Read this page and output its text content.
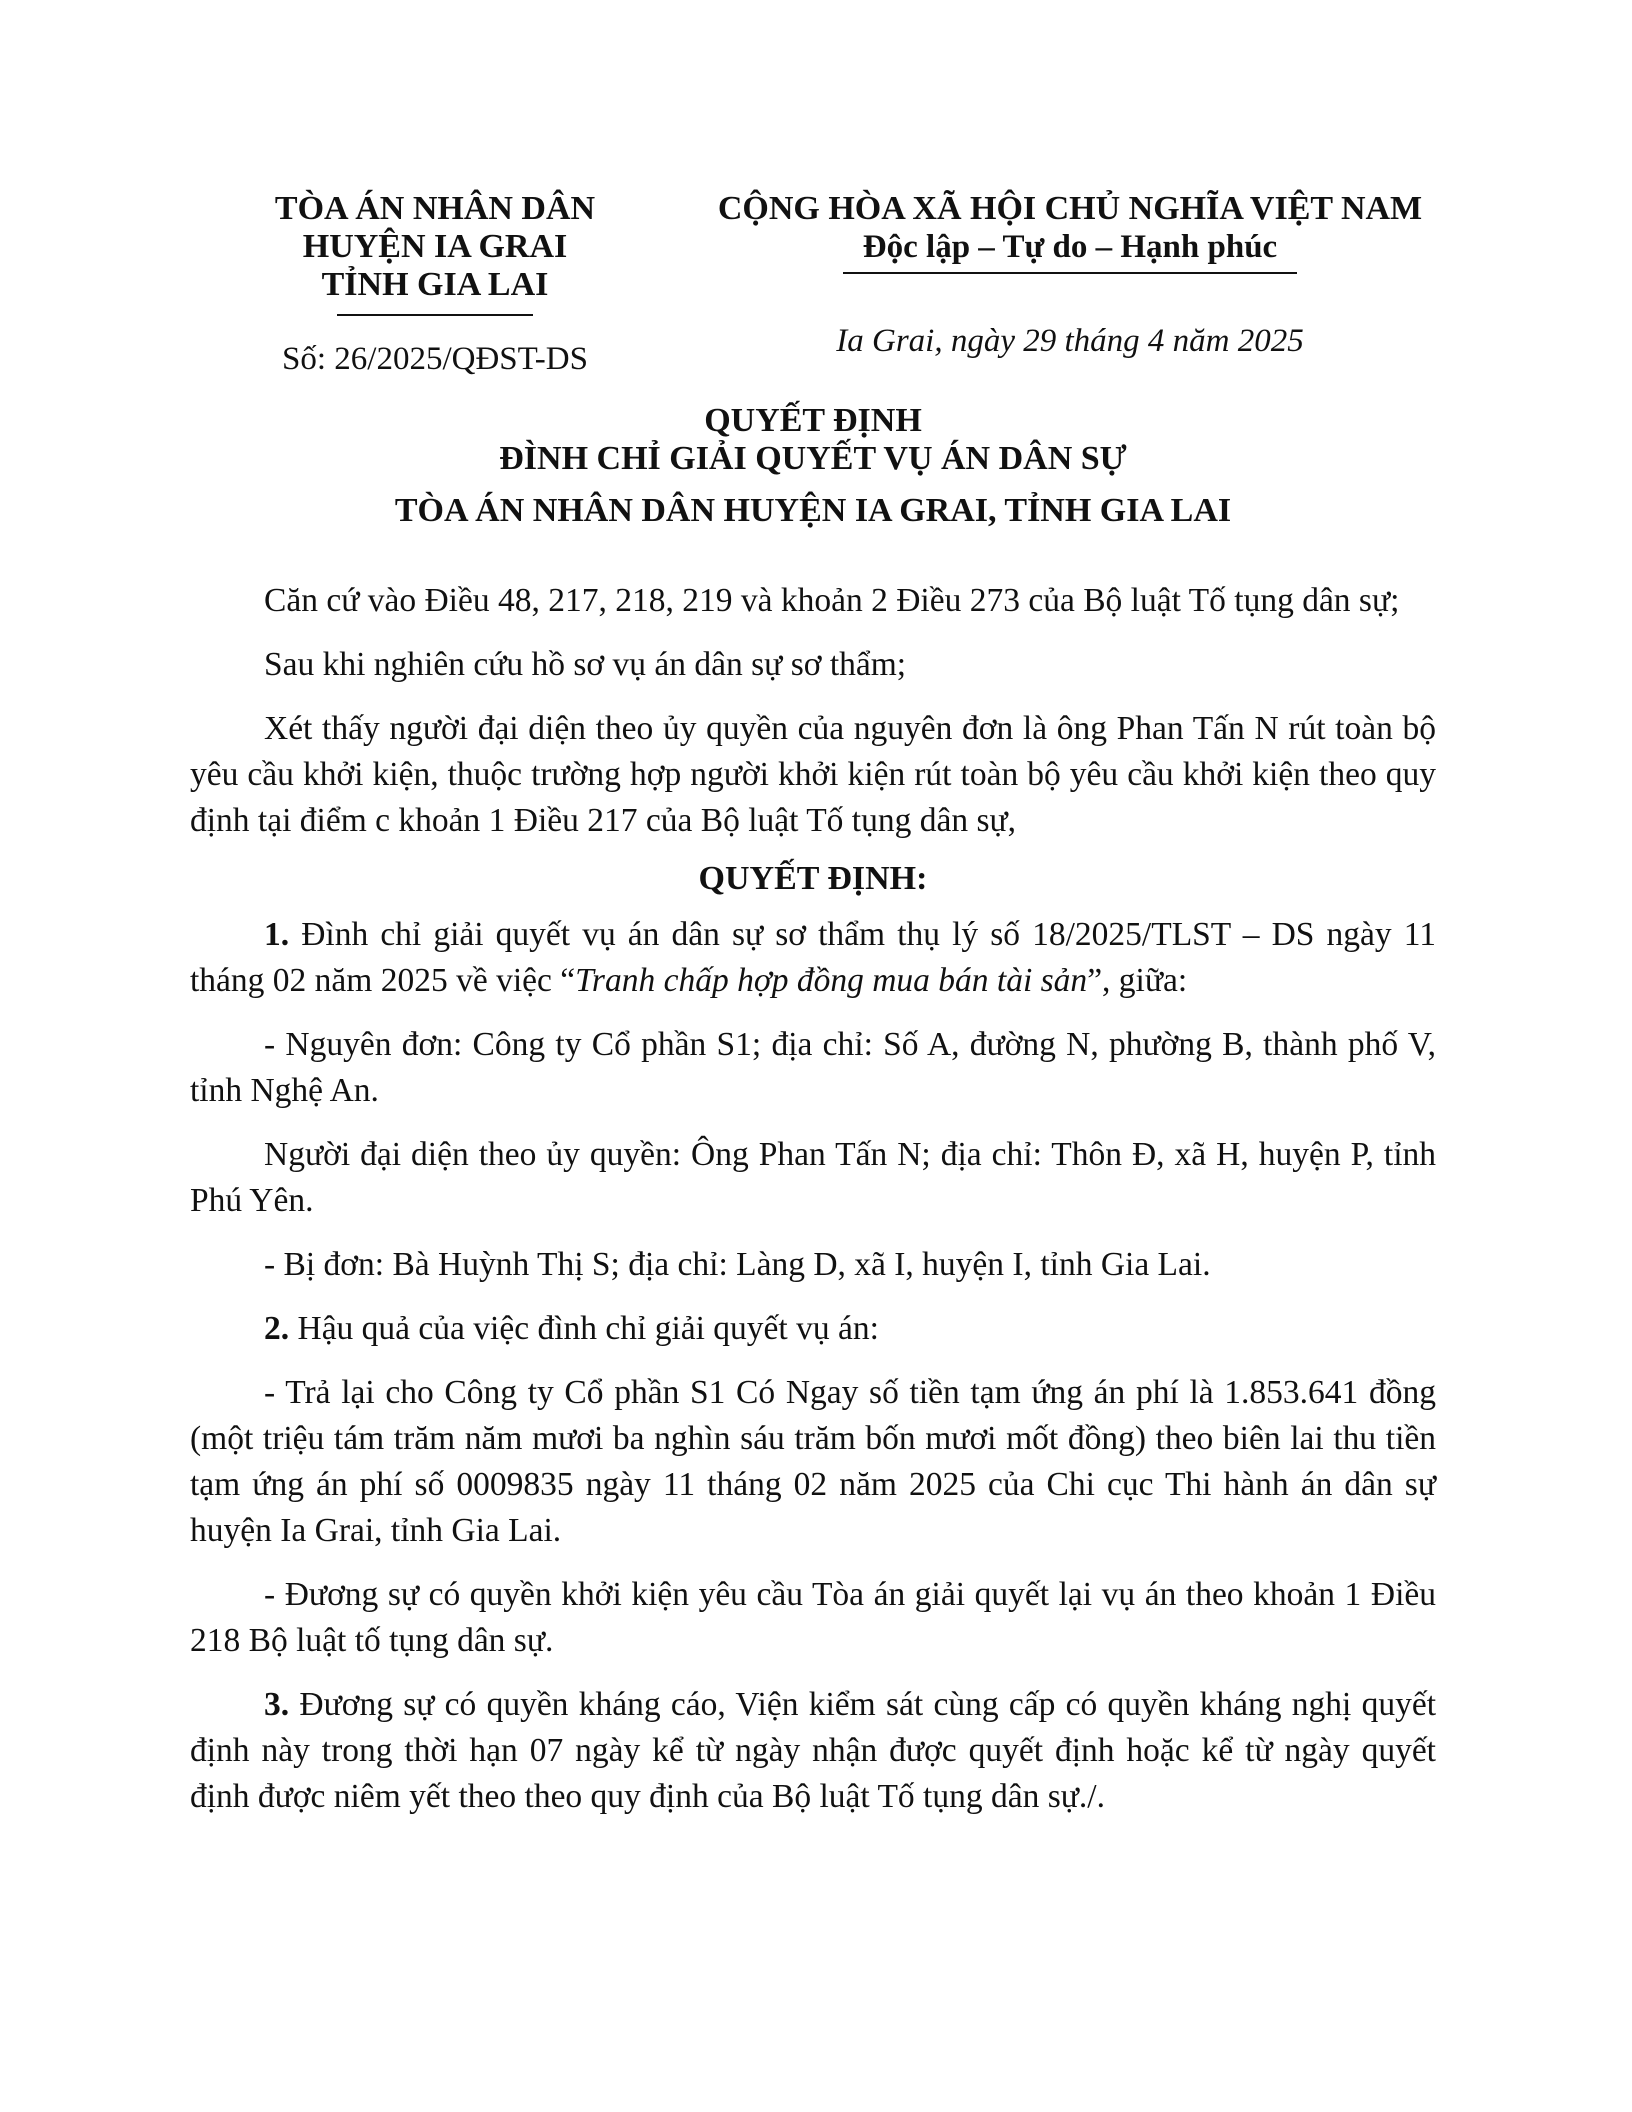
TÒA ÁN NHÂN DÂN
HUYỆN IA GRAI
TỈNH GIA LAI
Số: 26/2025/QĐST-DS
CỘNG HÒA XÃ HỘI CHỦ NGHĨA VIỆT NAM
Độc lập – Tự do – Hạnh phúc
Ia Grai, ngày 29 tháng 4 năm 2025
QUYẾT ĐỊNH
ĐÌNH CHỈ GIẢI QUYẾT VỤ ÁN DÂN SỰ
TÒA ÁN NHÂN DÂN HUYỆN IA GRAI, TỈNH GIA LAI

Căn cứ vào Điều 48, 217, 218, 219 và khoản 2 Điều 273 của Bộ luật Tố tụng dân sự;

Sau khi nghiên cứu hồ sơ vụ án dân sự sơ thẩm;

Xét thấy người đại diện theo ủy quyền của nguyên đơn là ông Phan Tấn N rút toàn bộ yêu cầu khởi kiện, thuộc trường hợp người khởi kiện rút toàn bộ yêu cầu khởi kiện theo quy định tại điểm c khoản 1 Điều 217 của Bộ luật Tố tụng dân sự,

QUYẾT ĐỊNH:

1. Đình chỉ giải quyết vụ án dân sự sơ thẩm thụ lý số 18/2025/TLST – DS ngày 11 tháng 02 năm 2025 về việc “Tranh chấp hợp đồng mua bán tài sản”, giữa:

- Nguyên đơn: Công ty Cổ phần S1; địa chỉ: Số A, đường N, phường B, thành phố V, tỉnh Nghệ An.

Người đại diện theo ủy quyền: Ông Phan Tấn N; địa chỉ: Thôn Đ, xã H, huyện P, tỉnh Phú Yên.

- Bị đơn: Bà Huỳnh Thị S; địa chỉ: Làng D, xã I, huyện I, tỉnh Gia Lai.

2. Hậu quả của việc đình chỉ giải quyết vụ án:

- Trả lại cho Công ty Cổ phần S1 Có Ngay số tiền tạm ứng án phí là 1.853.641 đồng (một triệu tám trăm năm mươi ba nghìn sáu trăm bốn mươi mốt đồng) theo biên lai thu tiền tạm ứng án phí số 0009835 ngày 11 tháng 02 năm 2025 của Chi cục Thi hành án dân sự huyện Ia Grai, tỉnh Gia Lai.

- Đương sự có quyền khởi kiện yêu cầu Tòa án giải quyết lại vụ án theo khoản 1 Điều 218 Bộ luật tố tụng dân sự.

3. Đương sự có quyền kháng cáo, Viện kiểm sát cùng cấp có quyền kháng nghị quyết định này trong thời hạn 07 ngày kể từ ngày nhận được quyết định hoặc kể từ ngày quyết định được niêm yết theo theo quy định của Bộ luật Tố tụng dân sự./.
